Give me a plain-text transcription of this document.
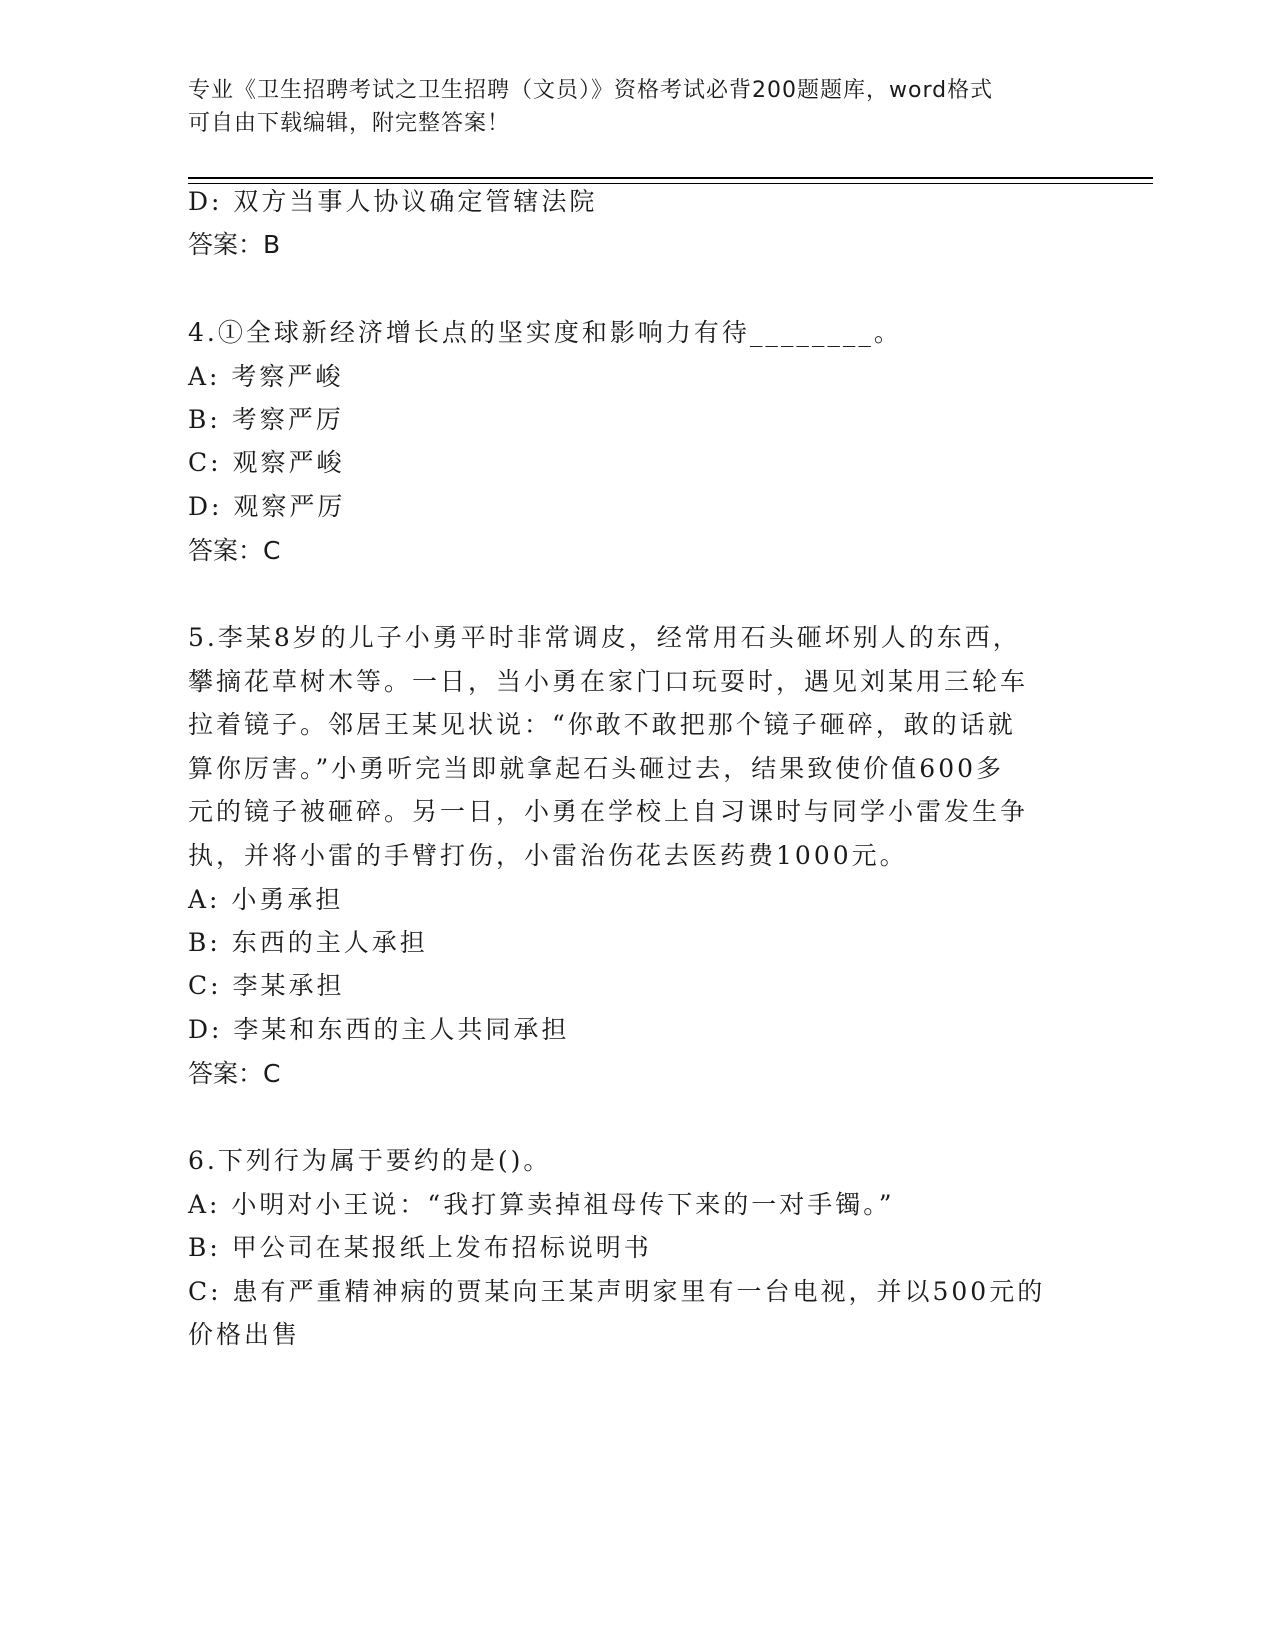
专业《卫生招聘考试之卫生招聘（文员）》资格考试必背200题题库，word格式
可自由下载编辑，附完整答案！
D: 双方当事人协议确定管辖法院
答案：B
4.①全球新经济增长点的坚实度和影响力有待________。
A: 考察严峻
B: 考察严厉
C: 观察严峻
D: 观察严厉
答案：C
5.李某8岁的儿子小勇平时非常调皮，经常用石头砸坏别人的东西，
攀摘花草树木等。一日，当小勇在家门口玩耍时，遇见刘某用三轮车
拉着镜子。邻居王某见状说：“你敢不敢把那个镜子砸碎，敢的话就
算你厉害。”小勇听完当即就拿起石头砸过去，结果致使价值600多
元的镜子被砸碎。另一日，小勇在学校上自习课时与同学小雷发生争
执，并将小雷的手臂打伤，小雷治伤花去医药费1000元。
A: 小勇承担
B: 东西的主人承担
C: 李某承担
D: 李某和东西的主人共同承担
答案：C
6.下列行为属于要约的是()。
A: 小明对小王说：“我打算卖掉祖母传下来的一对手镯。”
B: 甲公司在某报纸上发布招标说明书
C: 患有严重精神病的贾某向王某声明家里有一台电视，并以500元的
价格出售
